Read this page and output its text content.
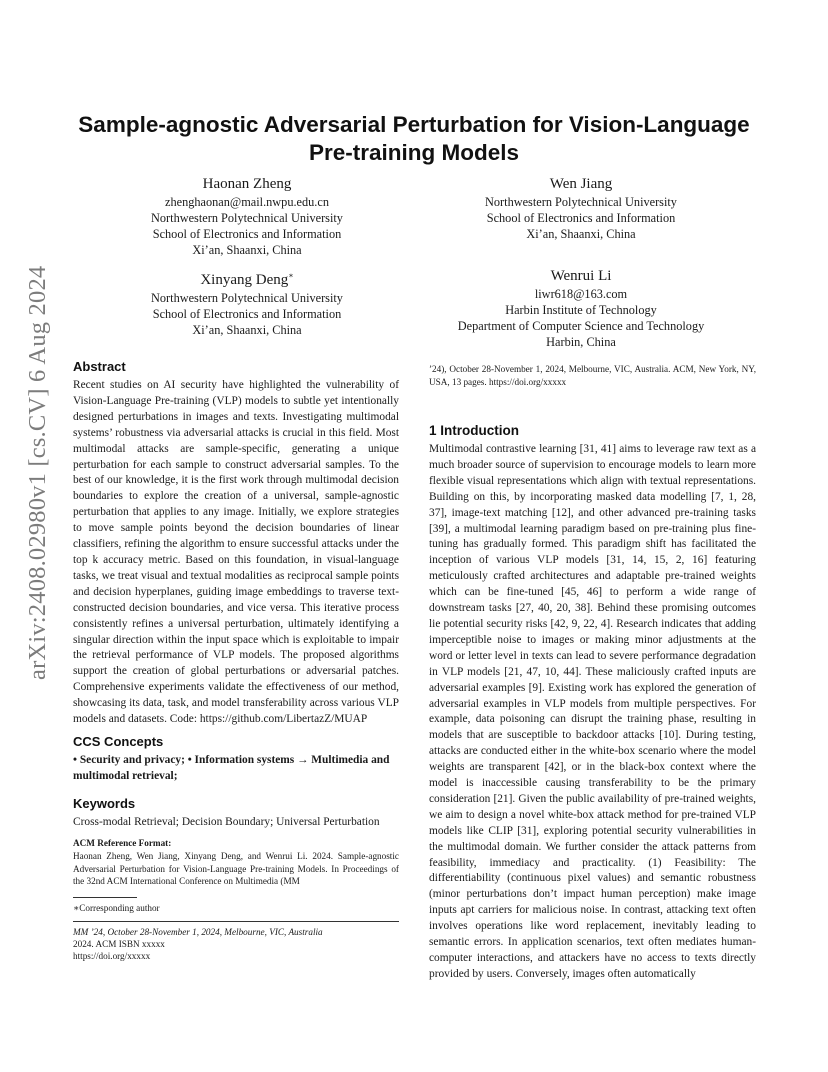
arXiv:2408.02980v1 [cs.CV] 6 Aug 2024
Sample-agnostic Adversarial Perturbation for Vision-Language
Pre-training Models
Haonan Zheng
zhenghaonan@mail.nwpu.edu.cn
Northwestern Polytechnical University
School of Electronics and Information
Xi’an, Shaanxi, China
Wen Jiang
Northwestern Polytechnical University
School of Electronics and Information
Xi’an, Shaanxi, China
Xinyang Deng∗
Northwestern Polytechnical University
School of Electronics and Information
Xi’an, Shaanxi, China
Wenrui Li
liwr618@163.com
Harbin Institute of Technology
Department of Computer Science and Technology
Harbin, China
Abstract

Recent studies on AI security have highlighted the vulnerability of Vision-Language Pre-training (VLP) models to subtle yet intentionally designed perturbations in images and texts. Investigating multimodal systems’ robustness via adversarial attacks is crucial in this field. Most multimodal attacks are sample-specific, generating a unique perturbation for each sample to construct adversarial samples. To the best of our knowledge, it is the first work through multimodal decision boundaries to explore the creation of a universal, sample-agnostic perturbation that applies to any image. Initially, we explore strategies to move sample points beyond the decision boundaries of linear classifiers, refining the algorithm to ensure successful attacks under the top k accuracy metric. Based on this foundation, in visual-language tasks, we treat visual and textual modalities as reciprocal sample points and decision hyperplanes, guiding image embeddings to traverse text-constructed decision boundaries, and vice versa. This iterative process consistently refines a universal perturbation, ultimately identifying a singular direction within the input space which is exploitable to impair the retrieval performance of VLP models. The proposed algorithms support the creation of global perturbations or adversarial patches. Comprehensive experiments validate the effectiveness of our method, showcasing its data, task, and model transferability across various VLP models and datasets. Code: https://github.com/LibertazZ/MUAP

CCS Concepts

• Security and privacy; • Information systems → Multimedia and multimodal retrieval;

Keywords

Cross-modal Retrieval; Decision Boundary; Universal Perturbation

ACM Reference Format:

Haonan Zheng, Wen Jiang, Xinyang Deng, and Wenrui Li. 2024. Sample-agnostic Adversarial Perturbation for Vision-Language Pre-training Models. In Proceedings of the 32nd ACM International Conference on Multimedia (MM

∗Corresponding author
MM ’24, October 28-November 1, 2024, Melbourne, VIC, Australia
2024. ACM ISBN xxxxx
https://doi.org/xxxxx

’24), October 28-November 1, 2024, Melbourne, VIC, Australia. ACM, New York, NY, USA, 13 pages. https://doi.org/xxxxx

1 Introduction

Multimodal contrastive learning [31, 41] aims to leverage raw text as a much broader source of supervision to encourage models to learn more flexible visual representations which align with textual representations. Building on this, by incorporating masked data modelling [7, 1, 28, 37], image-text matching [12], and other advanced pre-training tasks [39], a multimodal learning paradigm based on pre-training plus fine-tuning has gradually formed. This paradigm shift has facilitated the inception of various VLP models [31, 14, 15, 2, 16] featuring meticulously crafted architectures and adaptable pre-trained weights which can be fine-tuned [45, 46] to perform a wide range of downstream tasks [27, 40, 20, 38]. Behind these promising outcomes lie potential security risks [42, 9, 22, 4]. Research indicates that adding imperceptible noise to images or making minor adjustments at the word or letter level in texts can lead to severe performance degradation in VLP models [21, 47, 10, 44]. These maliciously crafted inputs are adversarial examples [9]. Existing work has explored the generation of adversarial examples in VLP models from multiple perspectives. For example, data poisoning can disrupt the training phase, resulting in models that are susceptible to backdoor attacks [10]. During testing, attacks are conducted either in the white-box scenario where the model weights are transparent [42], or in the black-box context where the model is inaccessible causing transferability to be the primary consideration [21]. Given the public availability of pre-trained weights, we aim to design a novel white-box attack method for pre-trained VLP models like CLIP [31], exploring potential security vulnerabilities in the multimodal domain. We further consider the attack patterns from feasibility, immediacy and practicality. (1) Feasibility: The differentiability (continuous pixel values) and semantic robustness (minor perturbations don’t impact human perception) make image inputs apt carriers for malicious noise. In contrast, attacking text often involves operations like word replacement, inevitably leading to semantic errors. In application scenarios, text often mediates human-computer interactions, and attackers have no access to texts directly provided by users. Conversely, images often automatically
